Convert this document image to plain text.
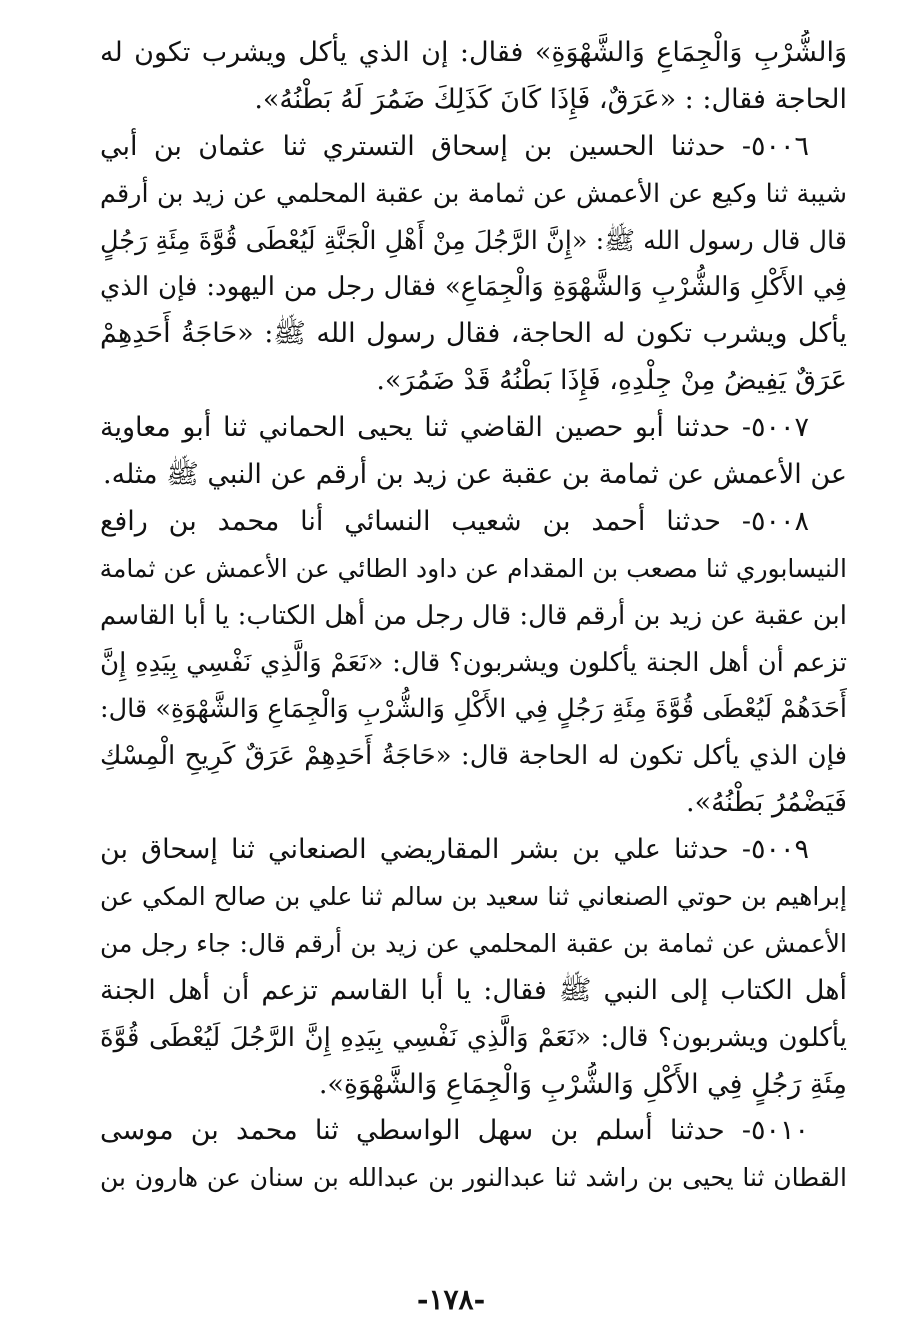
وَالشُّرْبِ وَالْجِمَاعِ وَالشَّهْوَةِ» فقال: إن الذي يأكل ويشرب تكون له
الحاجة فقال: : «عَرَقٌ، فَإِذَا كَانَ كَذَلِكَ ضَمُرَ لَهُ بَطْنُهُ».
٥٠٠٦- حدثنا الحسين بن إسحاق التستري ثنا عثمان بن أبي
شيبة ثنا وكيع عن الأعمش عن ثمامة بن عقبة المحلمي عن زيد بن أرقم
قال قال رسول الله ﷺ: «إِنَّ الرَّجُلَ مِنْ أَهْلِ الْجَنَّةِ لَيُعْطَى قُوَّةَ مِئَةِ رَجُلٍ
فِي الأَكْلِ وَالشُّرْبِ وَالشَّهْوَةِ وَالْجِمَاعِ» فقال رجل من اليهود: فإن الذي
يأكل ويشرب تكون له الحاجة، فقال رسول الله ﷺ: «حَاجَةُ أَحَدِهِمْ
عَرَقٌ يَفِيضُ مِنْ جِلْدِهِ، فَإِذَا بَطْنُهُ قَدْ ضَمُرَ».
٥٠٠٧- حدثنا أبو حصين القاضي ثنا يحيى الحماني ثنا أبو معاوية
عن الأعمش عن ثمامة بن عقبة عن زيد بن أرقم عن النبي ﷺ مثله.
٥٠٠٨- حدثنا أحمد بن شعيب النسائي أنا محمد بن رافع
النيسابوري ثنا مصعب بن المقدام عن داود الطائي عن الأعمش عن ثمامة
ابن عقبة عن زيد بن أرقم قال: قال رجل من أهل الكتاب: يا أبا القاسم
تزعم أن أهل الجنة يأكلون ويشربون؟ قال: «نَعَمْ وَالَّذِي نَفْسِي بِيَدِهِ إِنَّ
أَحَدَهُمْ لَيُعْطَى قُوَّةَ مِئَةِ رَجُلٍ فِي الأَكْلِ وَالشُّرْبِ وَالْجِمَاعِ وَالشَّهْوَةِ» قال:
فإن الذي يأكل تكون له الحاجة قال: «حَاجَةُ أَحَدِهِمْ عَرَقٌ كَرِيحِ الْمِسْكِ
فَيَضْمُرُ بَطْنُهُ».
٥٠٠٩- حدثنا علي بن بشر المقاريضي الصنعاني ثنا إسحاق بن
إبراهيم بن حوتي الصنعاني ثنا سعيد بن سالم ثنا علي بن صالح المكي عن
الأعمش عن ثمامة بن عقبة المحلمي عن زيد بن أرقم قال: جاء رجل من
أهل الكتاب إلى النبي ﷺ فقال: يا أبا القاسم تزعم أن أهل الجنة
يأكلون ويشربون؟ قال: «نَعَمْ وَالَّذِي نَفْسِي بِيَدِهِ إِنَّ الرَّجُلَ لَيُعْطَى قُوَّةَ
مِئَةِ رَجُلٍ فِي الأَكْلِ وَالشُّرْبِ وَالْجِمَاعِ وَالشَّهْوَةِ».
٥٠١٠- حدثنا أسلم بن سهل الواسطي ثنا محمد بن موسى
القطان ثنا يحيى بن راشد ثنا عبدالنور بن عبدالله بن سنان عن هارون بن
-١٧٨-
